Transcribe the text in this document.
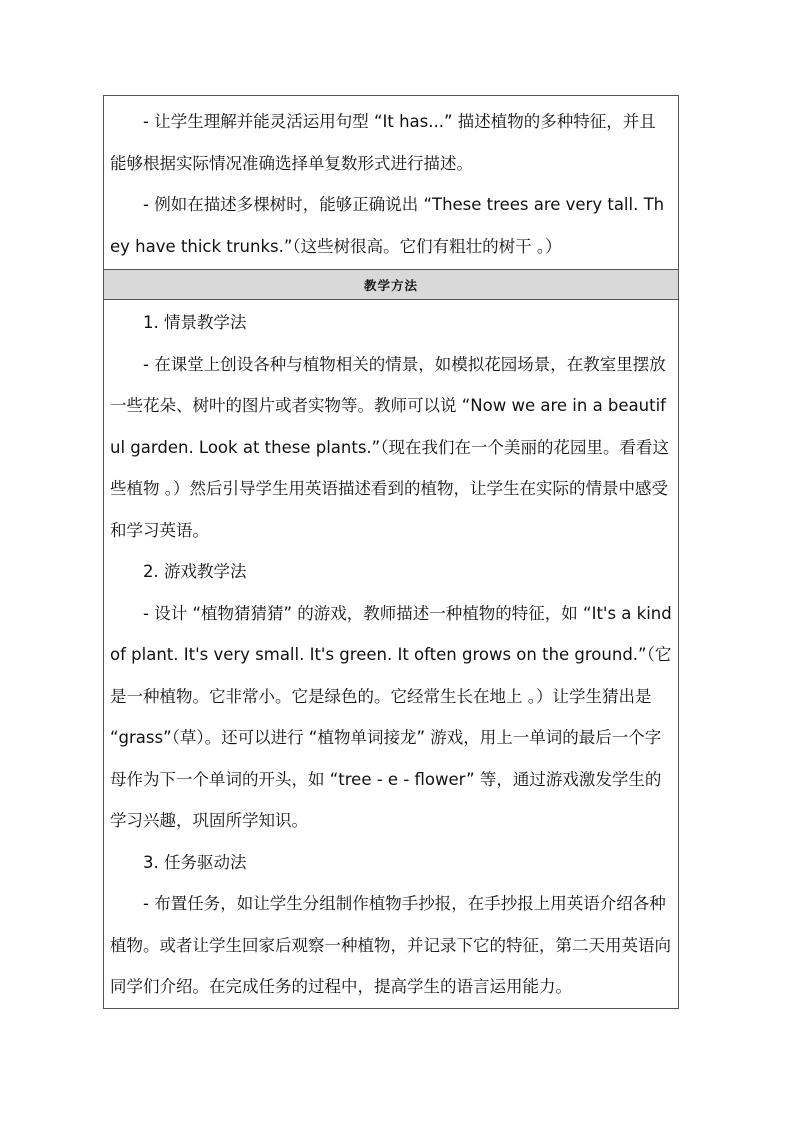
- 让学生理解并能灵活运用句型 “It has...” 描述植物的多种特征，并且能够根据实际情况准确选择单复数形式进行描述。

- 例如在描述多棵树时，能够正确说出 “These trees are very tall. They have thick trunks.”（这些树很高。它们有粗壮的树干 。）

教学方法

1. 情景教学法

- 在课堂上创设各种与植物相关的情景，如模拟花园场景，在教室里摆放一些花朵、树叶的图片或者实物等。教师可以说 “Now we are in a beautiful garden. Look at these plants.”（现在我们在一个美丽的花园里。看看这些植物 。）然后引导学生用英语描述看到的植物，让学生在实际的情景中感受和学习英语。

2. 游戏教学法

- 设计 “植物猜猜猜” 的游戏，教师描述一种植物的特征，如 “It's a kind of plant. It's very small. It's green. It often grows on the ground.”（它是一种植物。它非常小。它是绿色的。它经常生长在地上 。）让学生猜出是 “grass”（草）。还可以进行 “植物单词接龙” 游戏，用上一单词的最后一个字母作为下一个单词的开头，如 “tree - e - flower” 等，通过游戏激发学生的学习兴趣，巩固所学知识。

3. 任务驱动法

- 布置任务，如让学生分组制作植物手抄报，在手抄报上用英语介绍各种植物。或者让学生回家后观察一种植物，并记录下它的特征，第二天用英语向同学们介绍。在完成任务的过程中，提高学生的语言运用能力。
